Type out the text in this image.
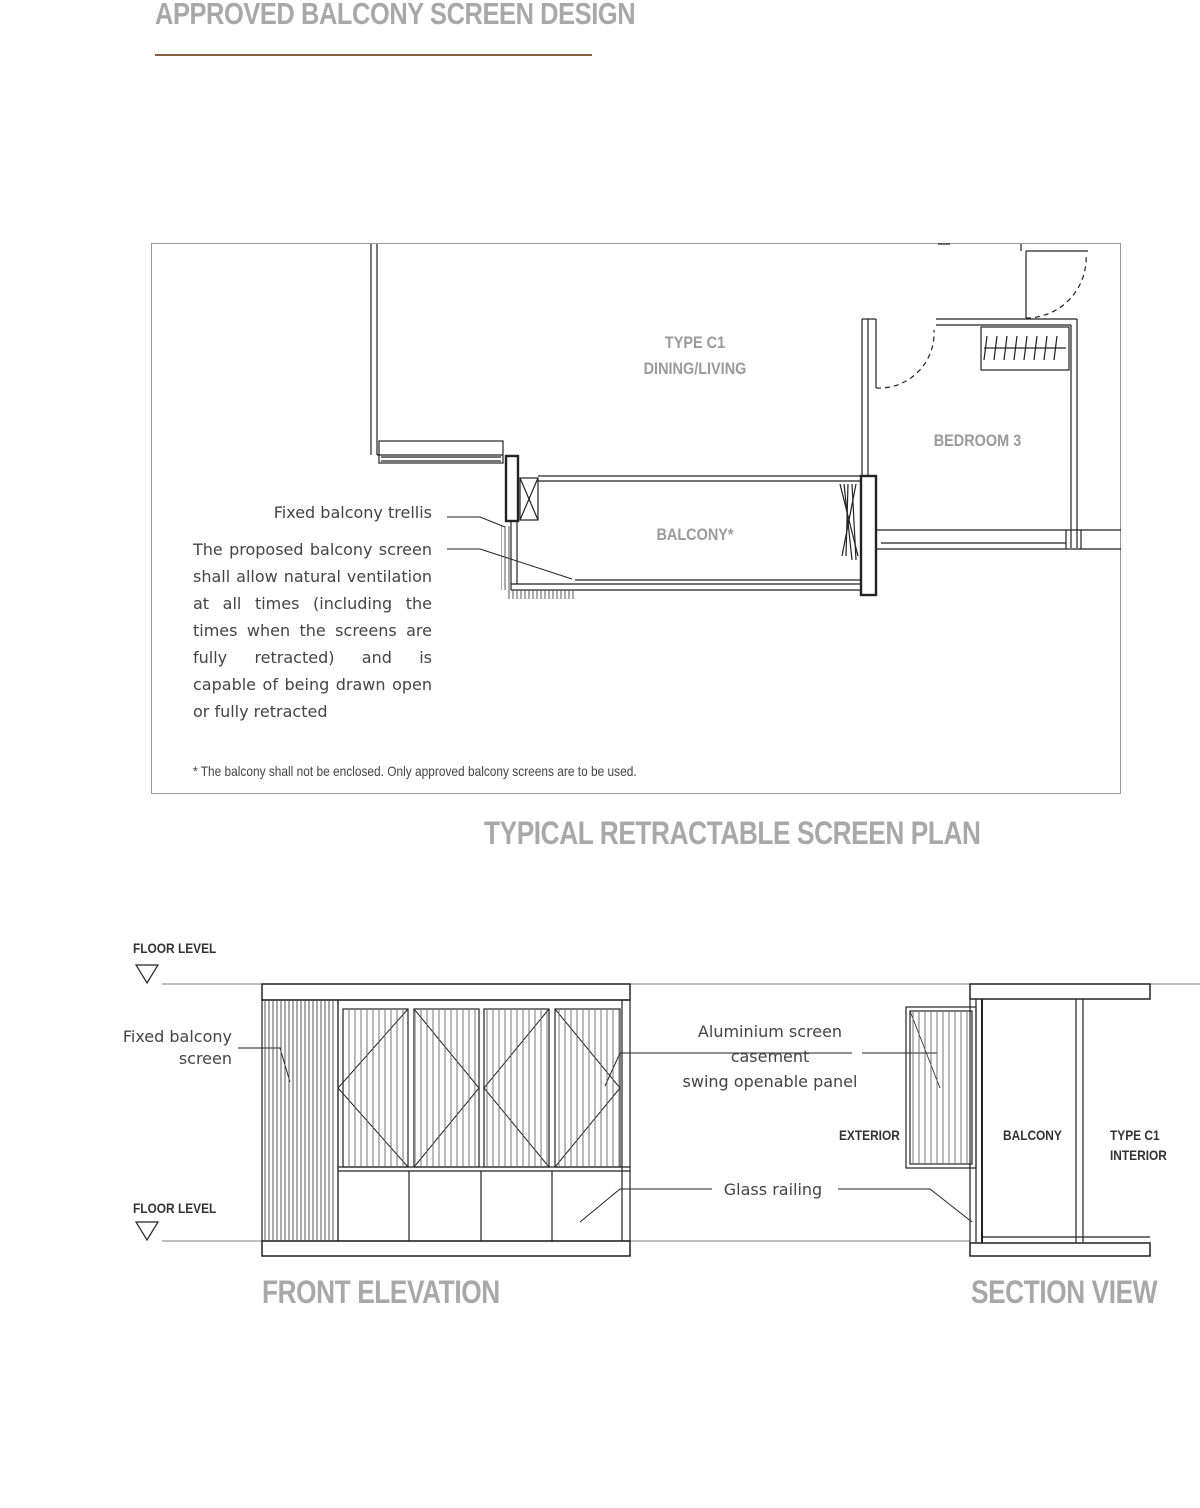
APPROVED BALCONY SCREEN DESIGN
TYPE C1
DINING/LIVING
BEDROOM 3
BALCONY*
Fixed balcony trellis
The proposed balcony screen shall allow natural ventilation at all times (including the times when the screens are fully retracted) and is capable of being drawn open or fully retracted
* The balcony shall not be enclosed. Only approved balcony screens are to be used.
TYPICAL RETRACTABLE SCREEN PLAN
FLOOR LEVEL
FLOOR LEVEL
Fixed balcony
screen
Aluminium screen
casement
swing openable panel
Glass railing
FRONT ELEVATION
EXTERIOR	BALCONY	TYPE C1
INTERIOR
SECTION VIEW
